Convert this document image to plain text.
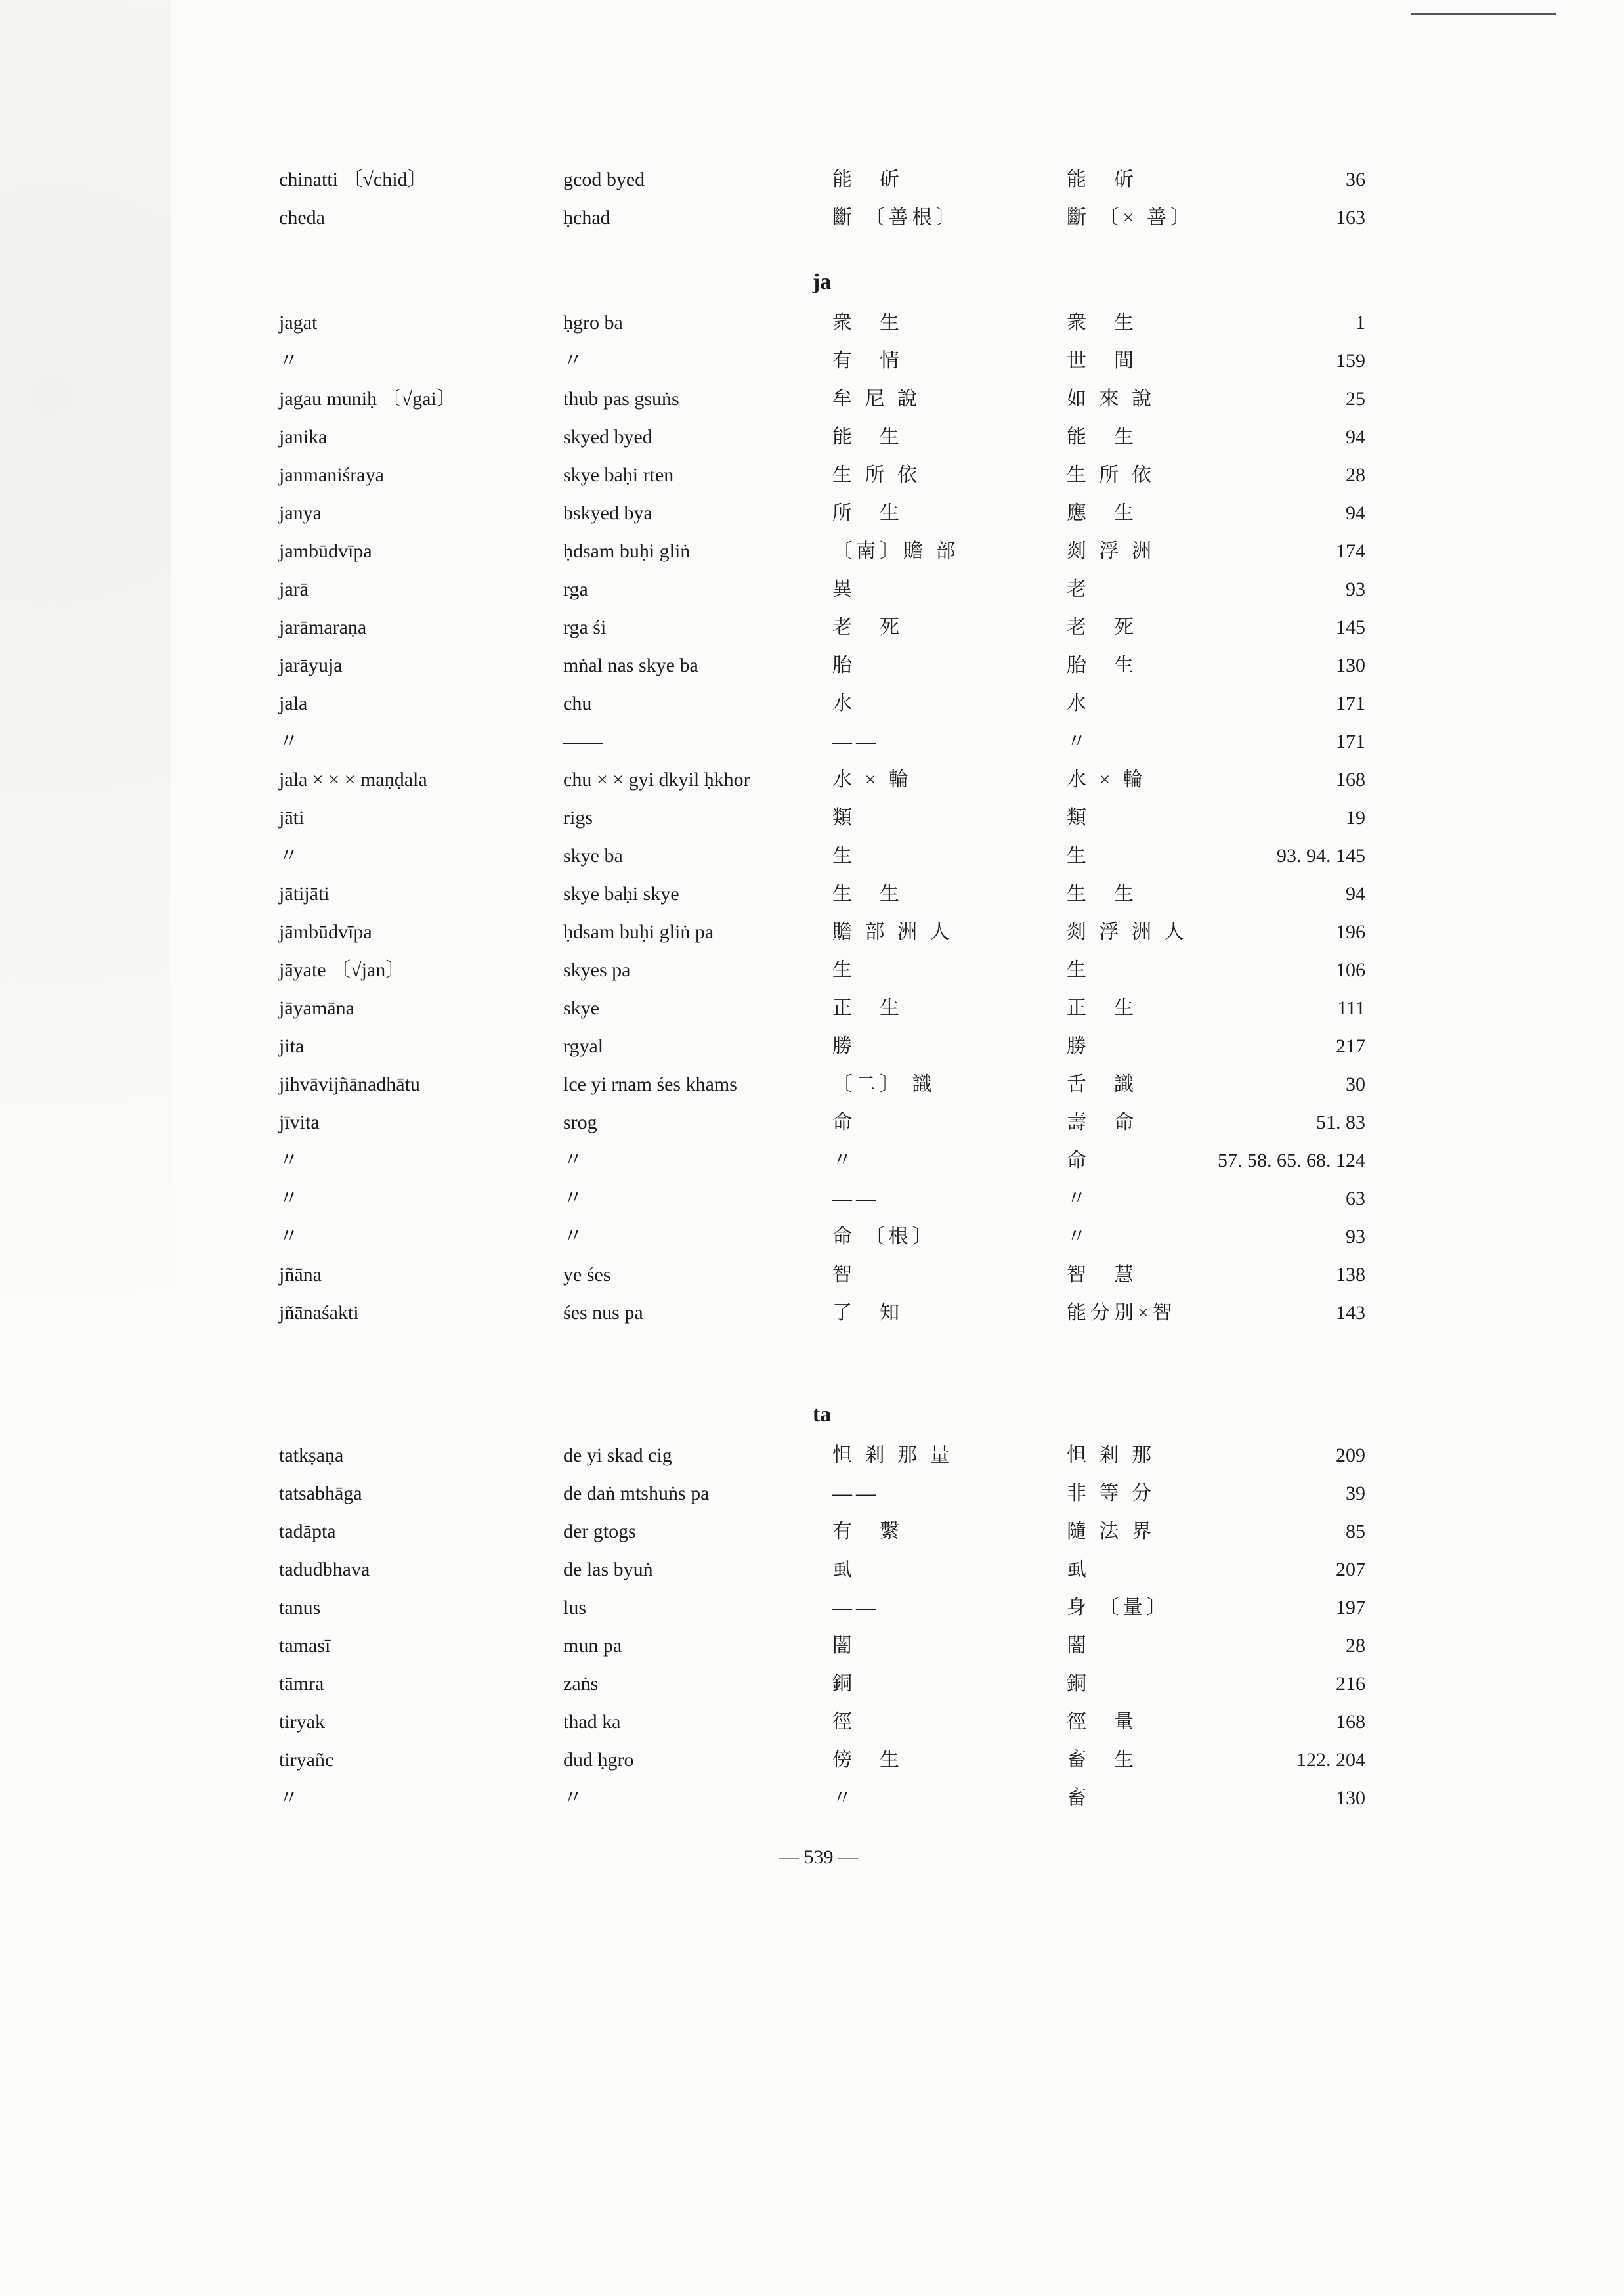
chinatti 〔√chid〕	gcod byed	能　斫	能　斫	36
cheda	ḥchad	斷 〔善根〕	斷 〔× 善〕	163
ja
jagat	ḥgro ba	衆　生	衆　生	1
〃	〃	有　情	世　間	159
jagau muniḥ 〔√gai〕	thub pas gsuṅs	牟 尼 說	如 來 說	25
janika	skyed byed	能　生	能　生	94
janmaniśraya	skye baḥi rten	生 所 依	生 所 依	28
janya	bskyed bya	所　生	應　生	94
jambūdvīpa	ḥdsam buḥi gliṅ	〔南〕贍 部	剡 浮 洲	174
jarā	rga	異	老	93
jarāmaraṇa	rga śi	老　死	老　死	145
jarāyuja	mṅal nas skye ba	胎	胎　生	130
jala	chu	水	水	171
〃	——	——	〃	171
jala × × × maṇḍala	chu × × gyi dkyil ḥkhor	水 × 輪	水 × 輪	168
jāti	rigs	類	類	19
〃	skye ba	生	生	93. 94. 145
jātijāti	skye baḥi skye	生　生	生　生	94
jāmbūdvīpa	ḥdsam buḥi gliṅ pa	贍 部 洲 人	剡 浮 洲 人	196
jāyate 〔√jan〕	skyes pa	生	生	106
jāyamāna	skye	正　生	正　生	111
jita	rgyal	勝	勝	217
jihvāvijñānadhātu	lce yi rnam śes khams	〔二〕 識	舌　識	30
jīvita	srog	命	壽　命	51. 83
〃	〃	〃	命	57. 58. 65. 68. 124
〃	〃	——	〃	63
〃	〃	命 〔根〕	〃	93
jñāna	ye śes	智	智　慧	138
jñānaśakti	śes nus pa	了　知	能分別×智	143
ta
tatkṣaṇa	de yi skad cig	怛 剎 那 量	怛 剎 那	209
tatsabhāga	de daṅ mtshuṅs pa	——	非 等 分	39
tadāpta	der gtogs	有　繫	隨 法 界	85
tadudbhava	de las byuṅ	虱	虱	207
tanus	lus	——	身 〔量〕	197
tamasī	mun pa	闇	闇	28
tāmra	zaṅs	銅	銅	216
tiryak	thad ka	徑	徑　量	168
tiryañc	dud ḥgro	傍　生	畜　生	122. 204
〃	〃	〃	畜	130
— 539 —
